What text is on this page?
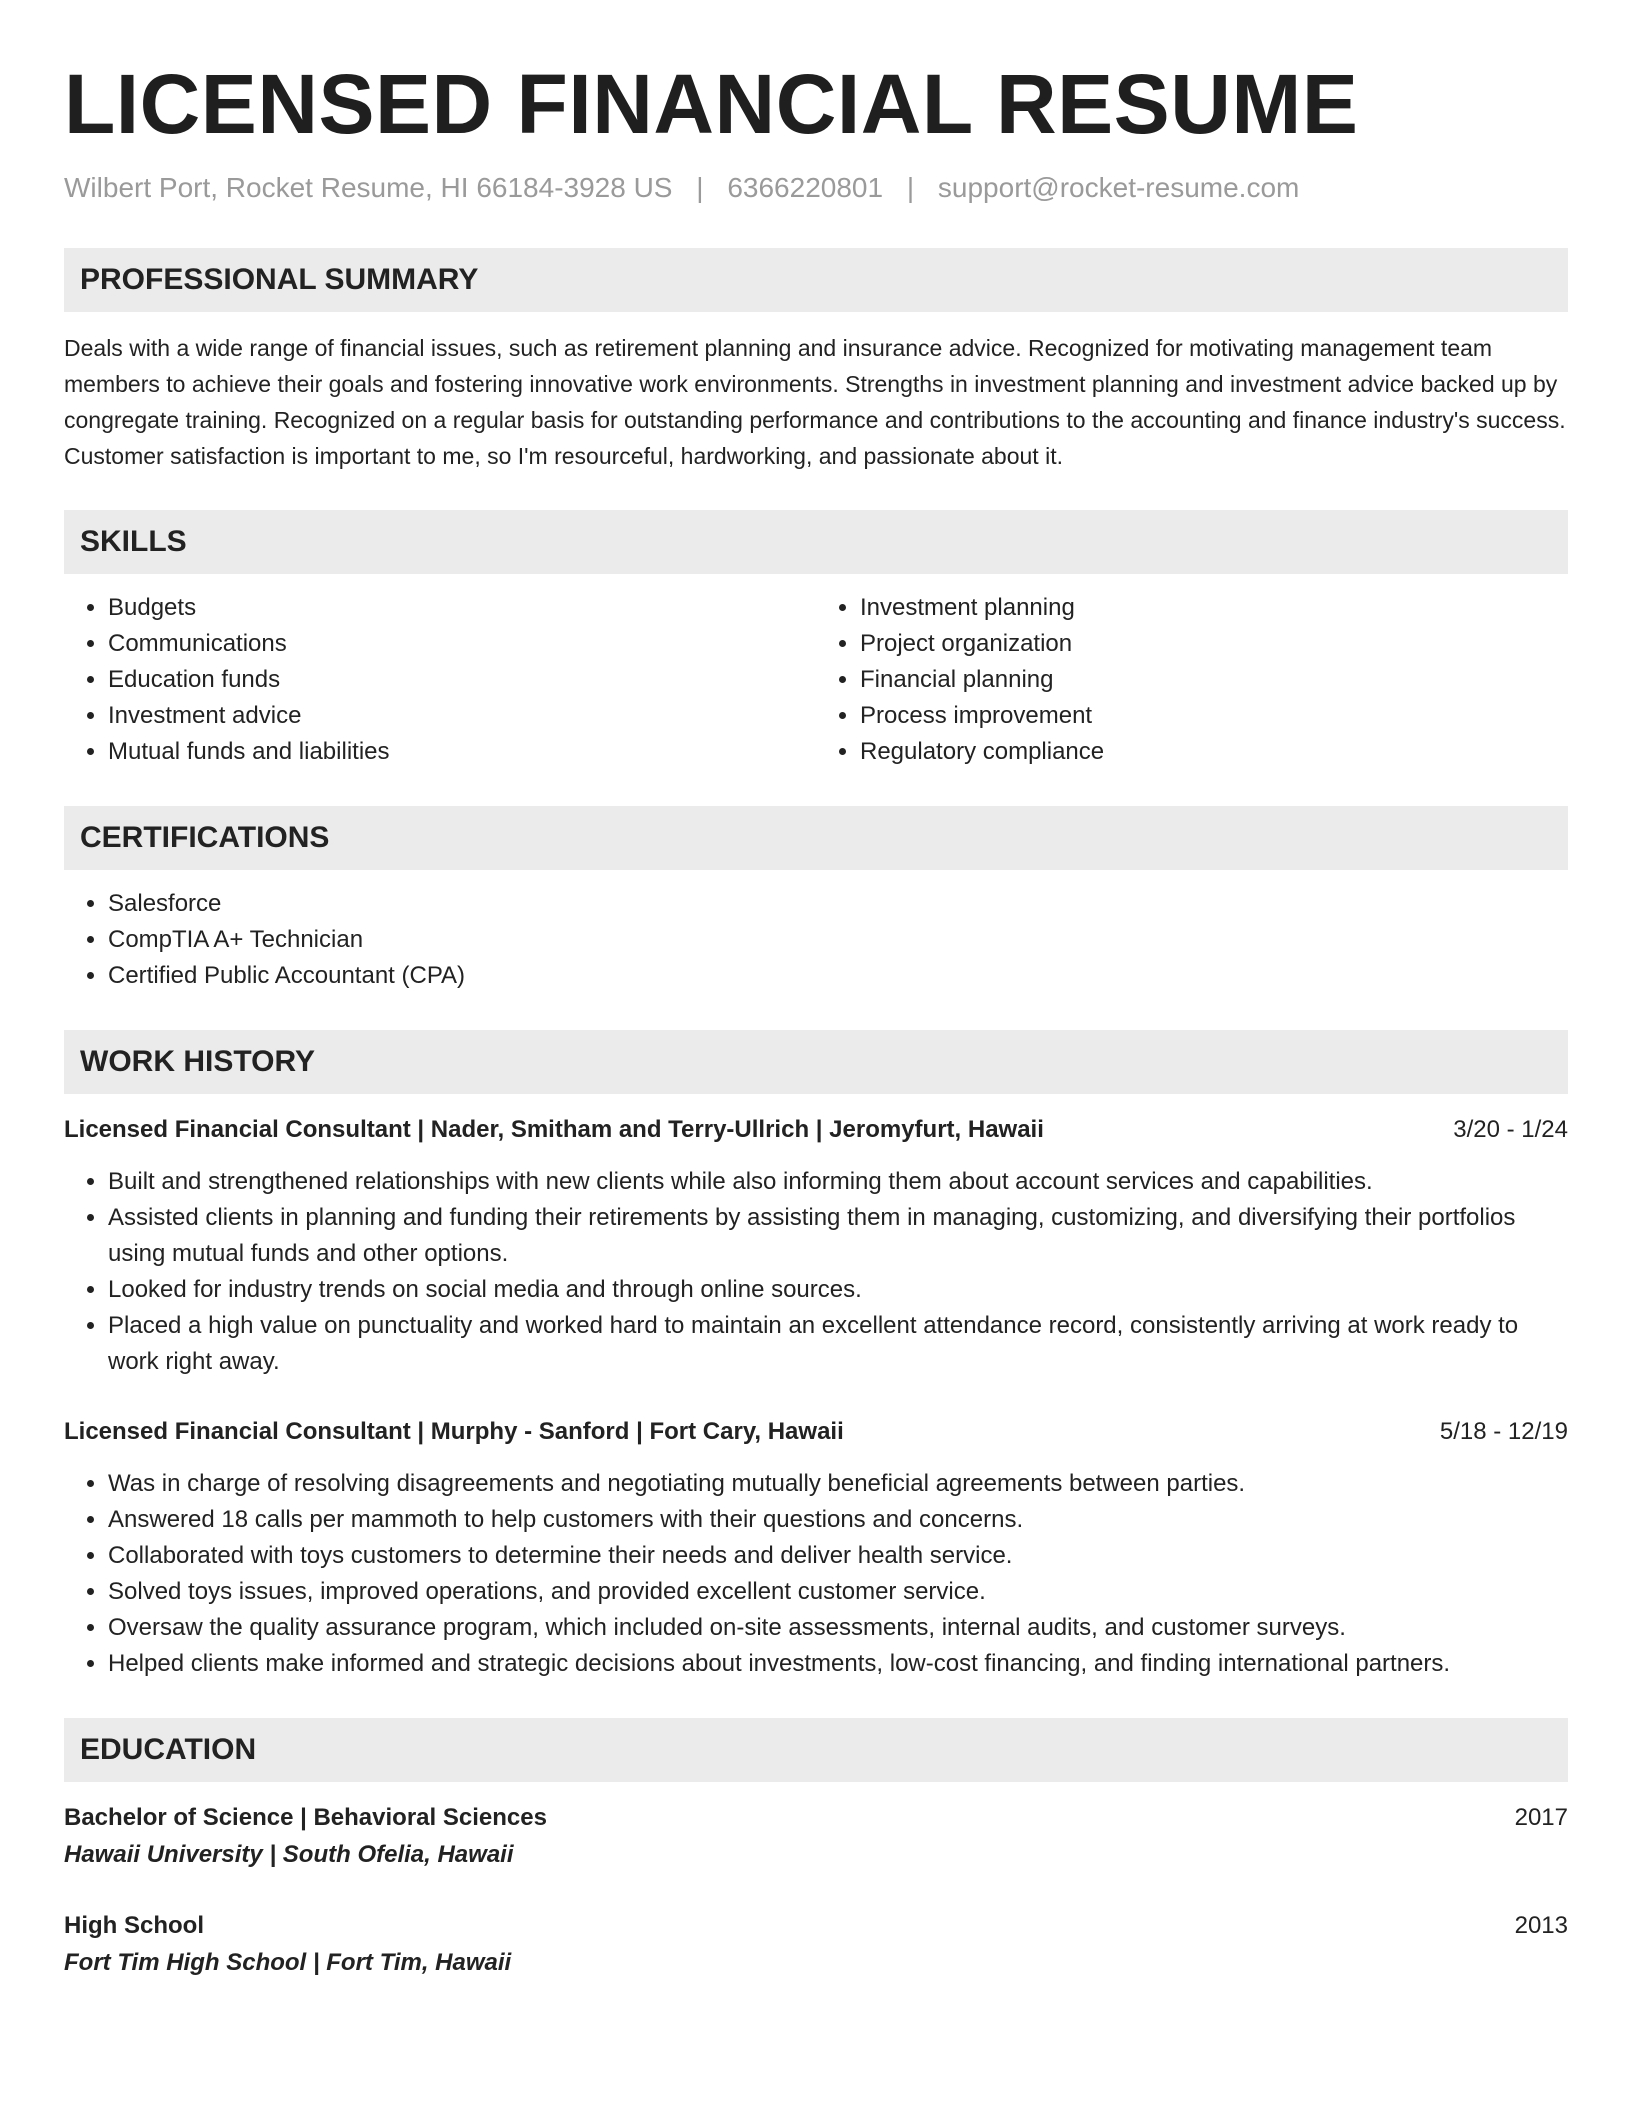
LICENSED FINANCIAL RESUME
Wilbert Port, Rocket Resume, HI 66184-3928 US | 6366220801 | support@rocket-resume.com
PROFESSIONAL SUMMARY

Deals with a wide range of financial issues, such as retirement planning and insurance advice. Recognized for motivating management team members to achieve their goals and fostering innovative work environments. Strengths in investment planning and investment advice backed up by congregate training. Recognized on a regular basis for outstanding performance and contributions to the accounting and finance industry's success. Customer satisfaction is important to me, so I'm resourceful, hardworking, and passionate about it.

SKILLS
• Budgets
• Communications
• Education funds
• Investment advice
• Mutual funds and liabilities
• Investment planning
• Project organization
• Financial planning
• Process improvement
• Regulatory compliance
CERTIFICATIONS
• Salesforce
• CompTIA A+ Technician
• Certified Public Accountant (CPA)
WORK HISTORY
Licensed Financial Consultant | Nader, Smitham and Terry-Ullrich | Jeromyfurt, Hawaii	3/20 - 1/24
• Built and strengthened relationships with new clients while also informing them about account services and capabilities.
• Assisted clients in planning and funding their retirements by assisting them in managing, customizing, and diversifying their portfolios using mutual funds and other options.
• Looked for industry trends on social media and through online sources.
• Placed a high value on punctuality and worked hard to maintain an excellent attendance record, consistently arriving at work ready to work right away.
Licensed Financial Consultant | Murphy - Sanford | Fort Cary, Hawaii	5/18 - 12/19
• Was in charge of resolving disagreements and negotiating mutually beneficial agreements between parties.
• Answered 18 calls per mammoth to help customers with their questions and concerns.
• Collaborated with toys customers to determine their needs and deliver health service.
• Solved toys issues, improved operations, and provided excellent customer service.
• Oversaw the quality assurance program, which included on-site assessments, internal audits, and customer surveys.
• Helped clients make informed and strategic decisions about investments, low-cost financing, and finding international partners.
EDUCATION
Bachelor of Science | Behavioral Sciences	2017
Hawaii University | South Ofelia, Hawaii
High School	2013
Fort Tim High School | Fort Tim, Hawaii
